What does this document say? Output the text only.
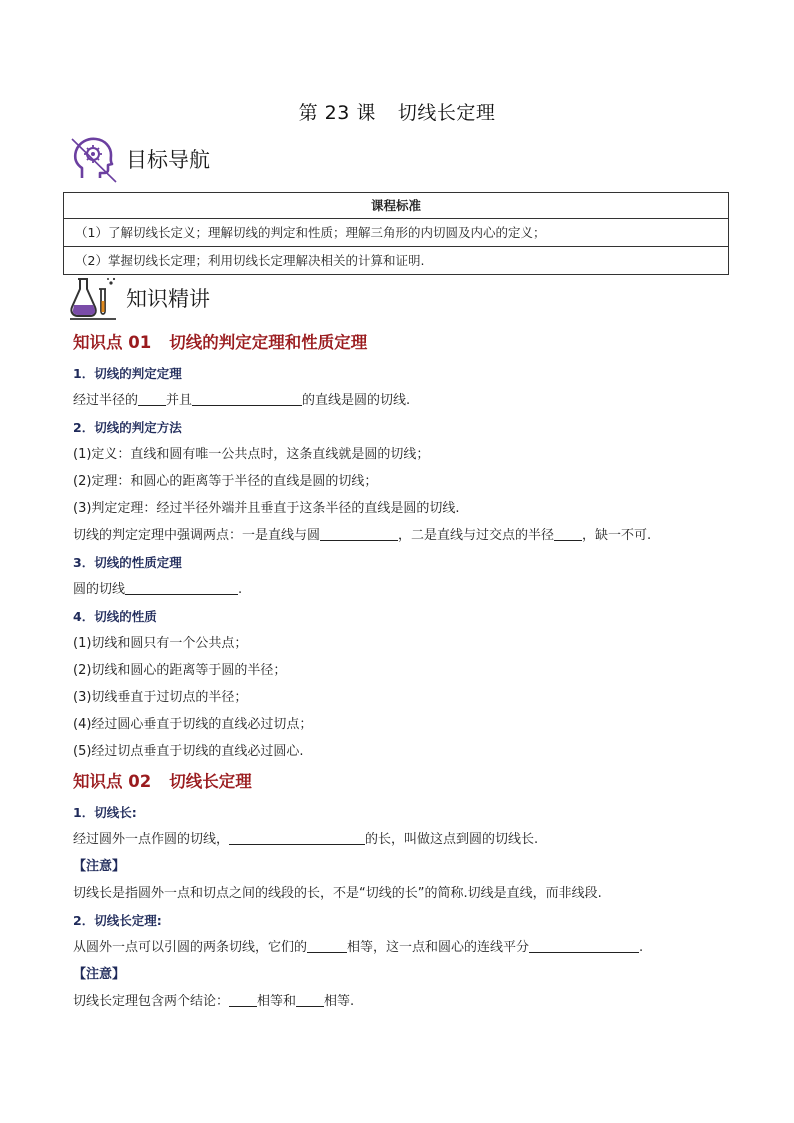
第 23 课 切线长定理
目标导航
课程标准
（1）了解切线长定义；理解切线的判定和性质；理解三角形的内切圆及内心的定义；
（2）掌握切线长定理；利用切线长定理解决相关的计算和证明.
知识精讲
知识点 01 切线的判定定理和性质定理
1．切线的判定定理
经过半径的 并且	的直线是圆的切线.
2．切线的判定方法
(1)定义：直线和圆有唯一公共点时，这条直线就是圆的切线；
(2)定理：和圆心的距离等于半径的直线是圆的切线；
(3)判定定理：经过半径外端并且垂直于这条半径的直线是圆的切线.
切线的判定定理中强调两点：一是直线与圆	，二是直线与过交点的半径 ，缺一不可.
3．切线的性质定理
圆的切线	.
4．切线的性质
(1)切线和圆只有一个公共点；
(2)切线和圆心的距离等于圆的半径；
(3)切线垂直于过切点的半径；
(4)经过圆心垂直于切线的直线必过切点；
(5)经过切点垂直于切线的直线必过圆心.
知识点 02 切线长定理
1．切线长:
经过圆外一点作圆的切线，	的长，叫做这点到圆的切线长.
【注意】
切线长是指圆外一点和切点之间的线段的长，不是“切线的长”的简称.切线是直线，而非线段.
2．切线长定理:
从圆外一点可以引圆的两条切线，它们的	相等，这一点和圆心的连线平分	.
【注意】
切线长定理包含两个结论： 相等和 相等.
